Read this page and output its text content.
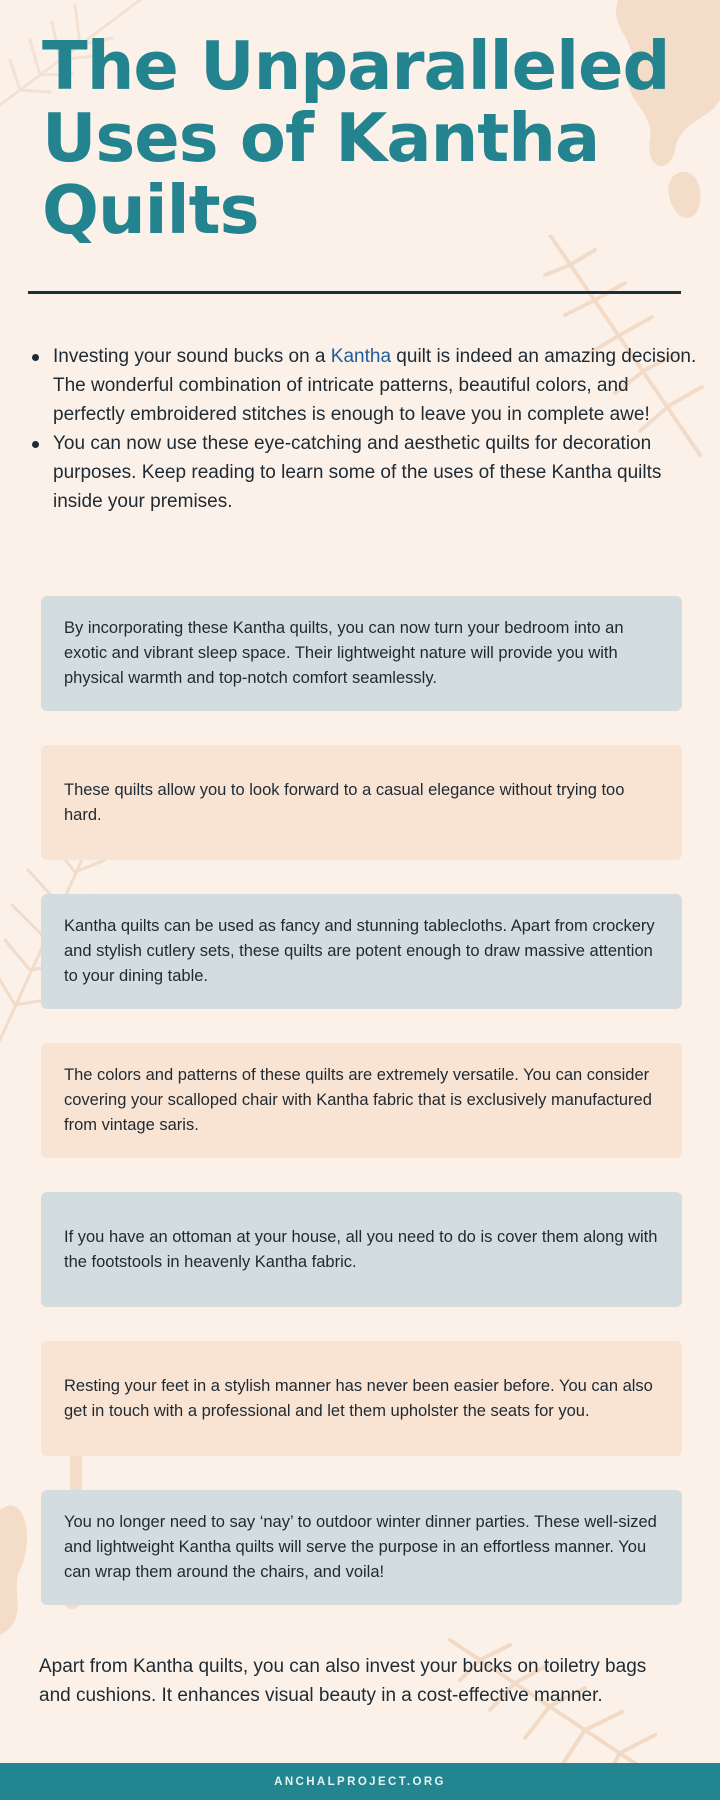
The Unparalleled Uses of Kantha Quilts
Investing your sound bucks on a Kantha quilt is indeed an amazing decision. The wonderful combination of intricate patterns, beautiful colors, and perfectly embroidered stitches is enough to leave you in complete awe!
You can now use these eye-catching and aesthetic quilts for decoration purposes. Keep reading to learn some of the uses of these Kantha quilts inside your premises.
By incorporating these Kantha quilts, you can now turn your bedroom into an exotic and vibrant sleep space. Their lightweight nature will provide you with physical warmth and top-notch comfort seamlessly.
These quilts allow you to look forward to a casual elegance without trying too hard.
Kantha quilts can be used as fancy and stunning tablecloths. Apart from crockery and stylish cutlery sets, these quilts are potent enough to draw massive attention to your dining table.
The colors and patterns of these quilts are extremely versatile. You can consider covering your scalloped chair with Kantha fabric that is exclusively manufactured from vintage saris.
If you have an ottoman at your house, all you need to do is cover them along with the footstools in heavenly Kantha fabric.
Resting your feet in a stylish manner has never been easier before. You can also get in touch with a professional and let them upholster the seats for you.
You no longer need to say ‘nay’ to outdoor winter dinner parties. These well-sized and lightweight Kantha quilts will serve the purpose in an effortless manner. You can wrap them around the chairs, and voila!

Apart from Kantha quilts, you can also invest your bucks on toiletry bags and cushions. It enhances visual beauty in a cost-effective manner.

ANCHALPROJECT.ORG
